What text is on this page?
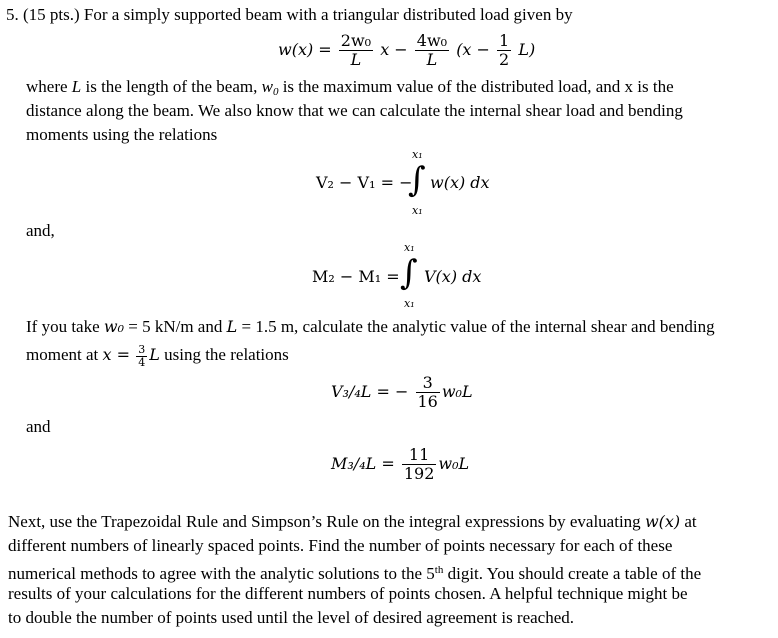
5. (15 pts.) For a simply supported beam with a triangular distributed load given by
$w(x) = \frac{\text{2w₀}}{L}$ $x - \frac{\text{4w₀}}{L} (x - \frac{1}{2} L)$
where L is the length of the beam, $w_0$ is the maximum value of the distributed load, and x is the
distance along the beam. We also know that we can calculate the internal shear load and bending
moments using the relations
V₂ − V₁ = −
x₁
∫
x₁
w(x) dx
and,
M₂ − M₁ =
x₁
∫
x₁
V(x) dx
If you take w₀ = 5 kN/m and L = 1.5 m, calculate the analytic value of the internal shear and bending
moment at $x = \frac{3}{4}$ L using the relations
V₃/₄L = − $\frac{3}{16} w_0L$
and
$M_3/_4L = \frac{11}{192} w_0L$
Next, use the Trapezoidal Rule and Simpson’s Rule on the integral expressions by evaluating w(x) at
different numbers of linearly spaced points. Find the number of points necessary for each of these
numerical methods to agree with the analytic solutions to the 5th digit. You should create a table of the
results of your calculations for the different numbers of points chosen. A helpful technique might be
to double the number of points used until the level of desired agreement is reached.
